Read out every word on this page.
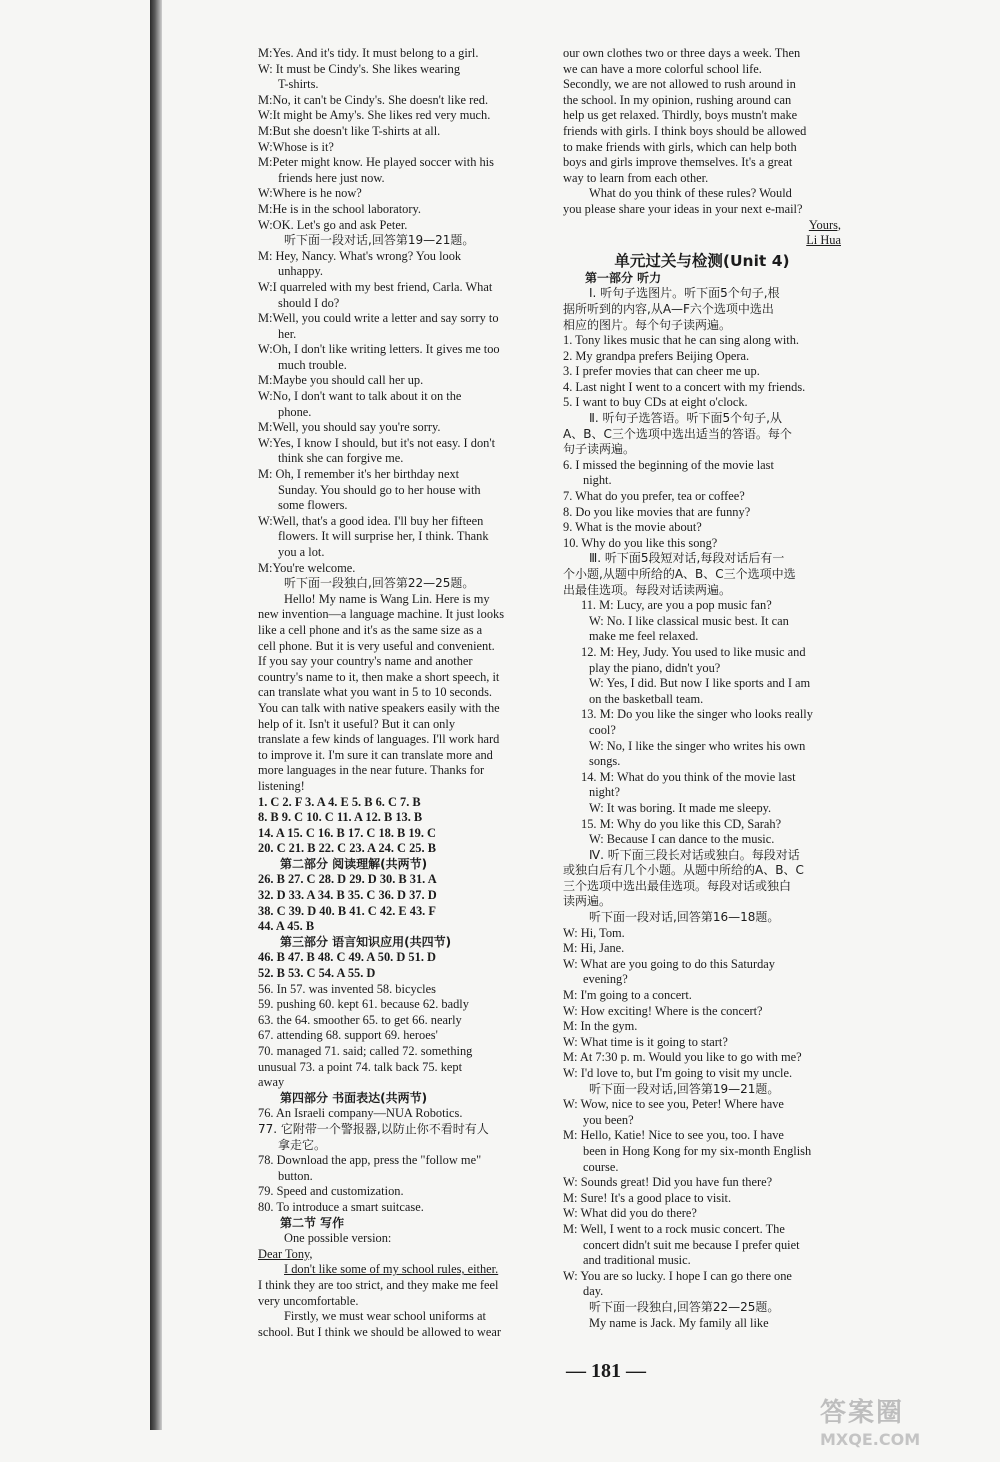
M:Yes. And it's tidy. It must belong to a girl.
W: It must be Cindy's. She likes wearing
T-shirts.
M:No, it can't be Cindy's. She doesn't like red.
W:It might be Amy's. She likes red very much.
M:But she doesn't like T-shirts at all.
W:Whose is it?
M:Peter might know. He played soccer with his
friends here just now.
W:Where is he now?
M:He is in the school laboratory.
W:OK. Let's go and ask Peter.
听下面一段对话,回答第19—21题。
M: Hey, Nancy. What's wrong? You look
unhappy.
W:I quarreled with my best friend, Carla. What
should I do?
M:Well, you could write a letter and say sorry to
her.
W:Oh, I don't like writing letters. It gives me too
much trouble.
M:Maybe you should call her up.
W:No, I don't want to talk about it on the
phone.
M:Well, you should say you're sorry.
W:Yes, I know I should, but it's not easy. I don't
think she can forgive me.
M: Oh, I remember it's her birthday next
Sunday. You should go to her house with
some flowers.
W:Well, that's a good idea. I'll buy her fifteen
flowers. It will surprise her, I think. Thank
you a lot.
M:You're welcome.
听下面一段独白,回答第22—25题。
Hello! My name is Wang Lin. Here is my
new invention—a language machine. It just looks
like a cell phone and it's as the same size as a
cell phone. But it is very useful and convenient.
If you say your country's name and another
country's name to it, then make a short speech, it
can translate what you want in 5 to 10 seconds.
You can talk with native speakers easily with the
help of it. Isn't it useful? But it can only
translate a few kinds of languages. I'll work hard
to improve it. I'm sure it can translate more and
more languages in the near future. Thanks for
listening!
1. C 2. F 3. A 4. E 5. B 6. C 7. B
8. B 9. C 10. C 11. A 12. B 13. B
14. A 15. C 16. B 17. C 18. B 19. C
20. C 21. B 22. C 23. A 24. C 25. B
第二部分 阅读理解(共两节)
26. B 27. C 28. D 29. D 30. B 31. A
32. D 33. A 34. B 35. C 36. D 37. D
38. C 39. D 40. B 41. C 42. E 43. F
44. A 45. B
第三部分 语言知识应用(共四节)
46. B 47. B 48. C 49. A 50. D 51. D
52. B 53. C 54. A 55. D
56. In 57. was invented 58. bicycles
59. pushing 60. kept 61. because 62. badly
63. the 64. smoother 65. to get 66. nearly
67. attending 68. support 69. heroes'
70. managed 71. said; called 72. something
unusual 73. a point 74. talk back 75. kept
away
第四部分 书面表达(共两节)
76. An Israeli company—NUA Robotics.
77. 它附带一个警报器,以防止你不看时有人
拿走它。
78. Download the app, press the "follow me"
button.
79. Speed and customization.
80. To introduce a smart suitcase.
第二节 写作
One possible version:
Dear Tony,
I don't like some of my school rules, either.
I think they are too strict, and they make me feel
very uncomfortable.
Firstly, we must wear school uniforms at
school. But I think we should be allowed to wear
our own clothes two or three days a week. Then
we can have a more colorful school life.
Secondly, we are not allowed to rush around in
the school. In my opinion, rushing around can
help us get relaxed. Thirdly, boys mustn't make
friends with girls. I think boys should be allowed
to make friends with girls, which can help both
boys and girls improve themselves. It's a great
way to learn from each other.
What do you think of these rules? Would
you please share your ideas in your next e-mail?
Yours,
Li Hua
单元过关与检测(Unit 4)
第一部分 听力
Ⅰ. 听句子选图片。听下面5个句子,根
据所听到的内容,从A—F六个选项中选出
相应的图片。每个句子读两遍。
1. Tony likes music that he can sing along with.
2. My grandpa prefers Beijing Opera.
3. I prefer movies that can cheer me up.
4. Last night I went to a concert with my friends.
5. I want to buy CDs at eight o'clock.
Ⅱ. 听句子选答语。听下面5个句子,从
A、B、C三个选项中选出适当的答语。每个
句子读两遍。
6. I missed the beginning of the movie last
night.
7. What do you prefer, tea or coffee?
8. Do you like movies that are funny?
9. What is the movie about?
10. Why do you like this song?
Ⅲ. 听下面5段短对话,每段对话后有一
个小题,从题中所给的A、B、C三个选项中选
出最佳选项。每段对话读两遍。
11. M: Lucy, are you a pop music fan?
W: No. I like classical music best. It can
make me feel relaxed.
12. M: Hey, Judy. You used to like music and
play the piano, didn't you?
W: Yes, I did. But now I like sports and I am
on the basketball team.
13. M: Do you like the singer who looks really
cool?
W: No, I like the singer who writes his own
songs.
14. M: What do you think of the movie last
night?
W: It was boring. It made me sleepy.
15. M: Why do you like this CD, Sarah?
W: Because I can dance to the music.
Ⅳ. 听下面三段长对话或独白。每段对话
或独白后有几个小题。从题中所给的A、B、C
三个选项中选出最佳选项。每段对话或独白
读两遍。
听下面一段对话,回答第16—18题。
W: Hi, Tom.
M: Hi, Jane.
W: What are you going to do this Saturday
evening?
M: I'm going to a concert.
W: How exciting! Where is the concert?
M: In the gym.
W: What time is it going to start?
M: At 7:30 p. m. Would you like to go with me?
W: I'd love to, but I'm going to visit my uncle.
听下面一段对话,回答第19—21题。
W: Wow, nice to see you, Peter! Where have
you been?
M: Hello, Katie! Nice to see you, too. I have
been in Hong Kong for my six-month English
course.
W: Sounds great! Did you have fun there?
M: Sure! It's a good place to visit.
W: What did you do there?
M: Well, I went to a rock music concert. The
concert didn't suit me because I prefer quiet
and traditional music.
W: You are so lucky. I hope I can go there one
day.
听下面一段独白,回答第22—25题。
My name is Jack. My family all like
— 181 —
答案圈
MXQE.COM
